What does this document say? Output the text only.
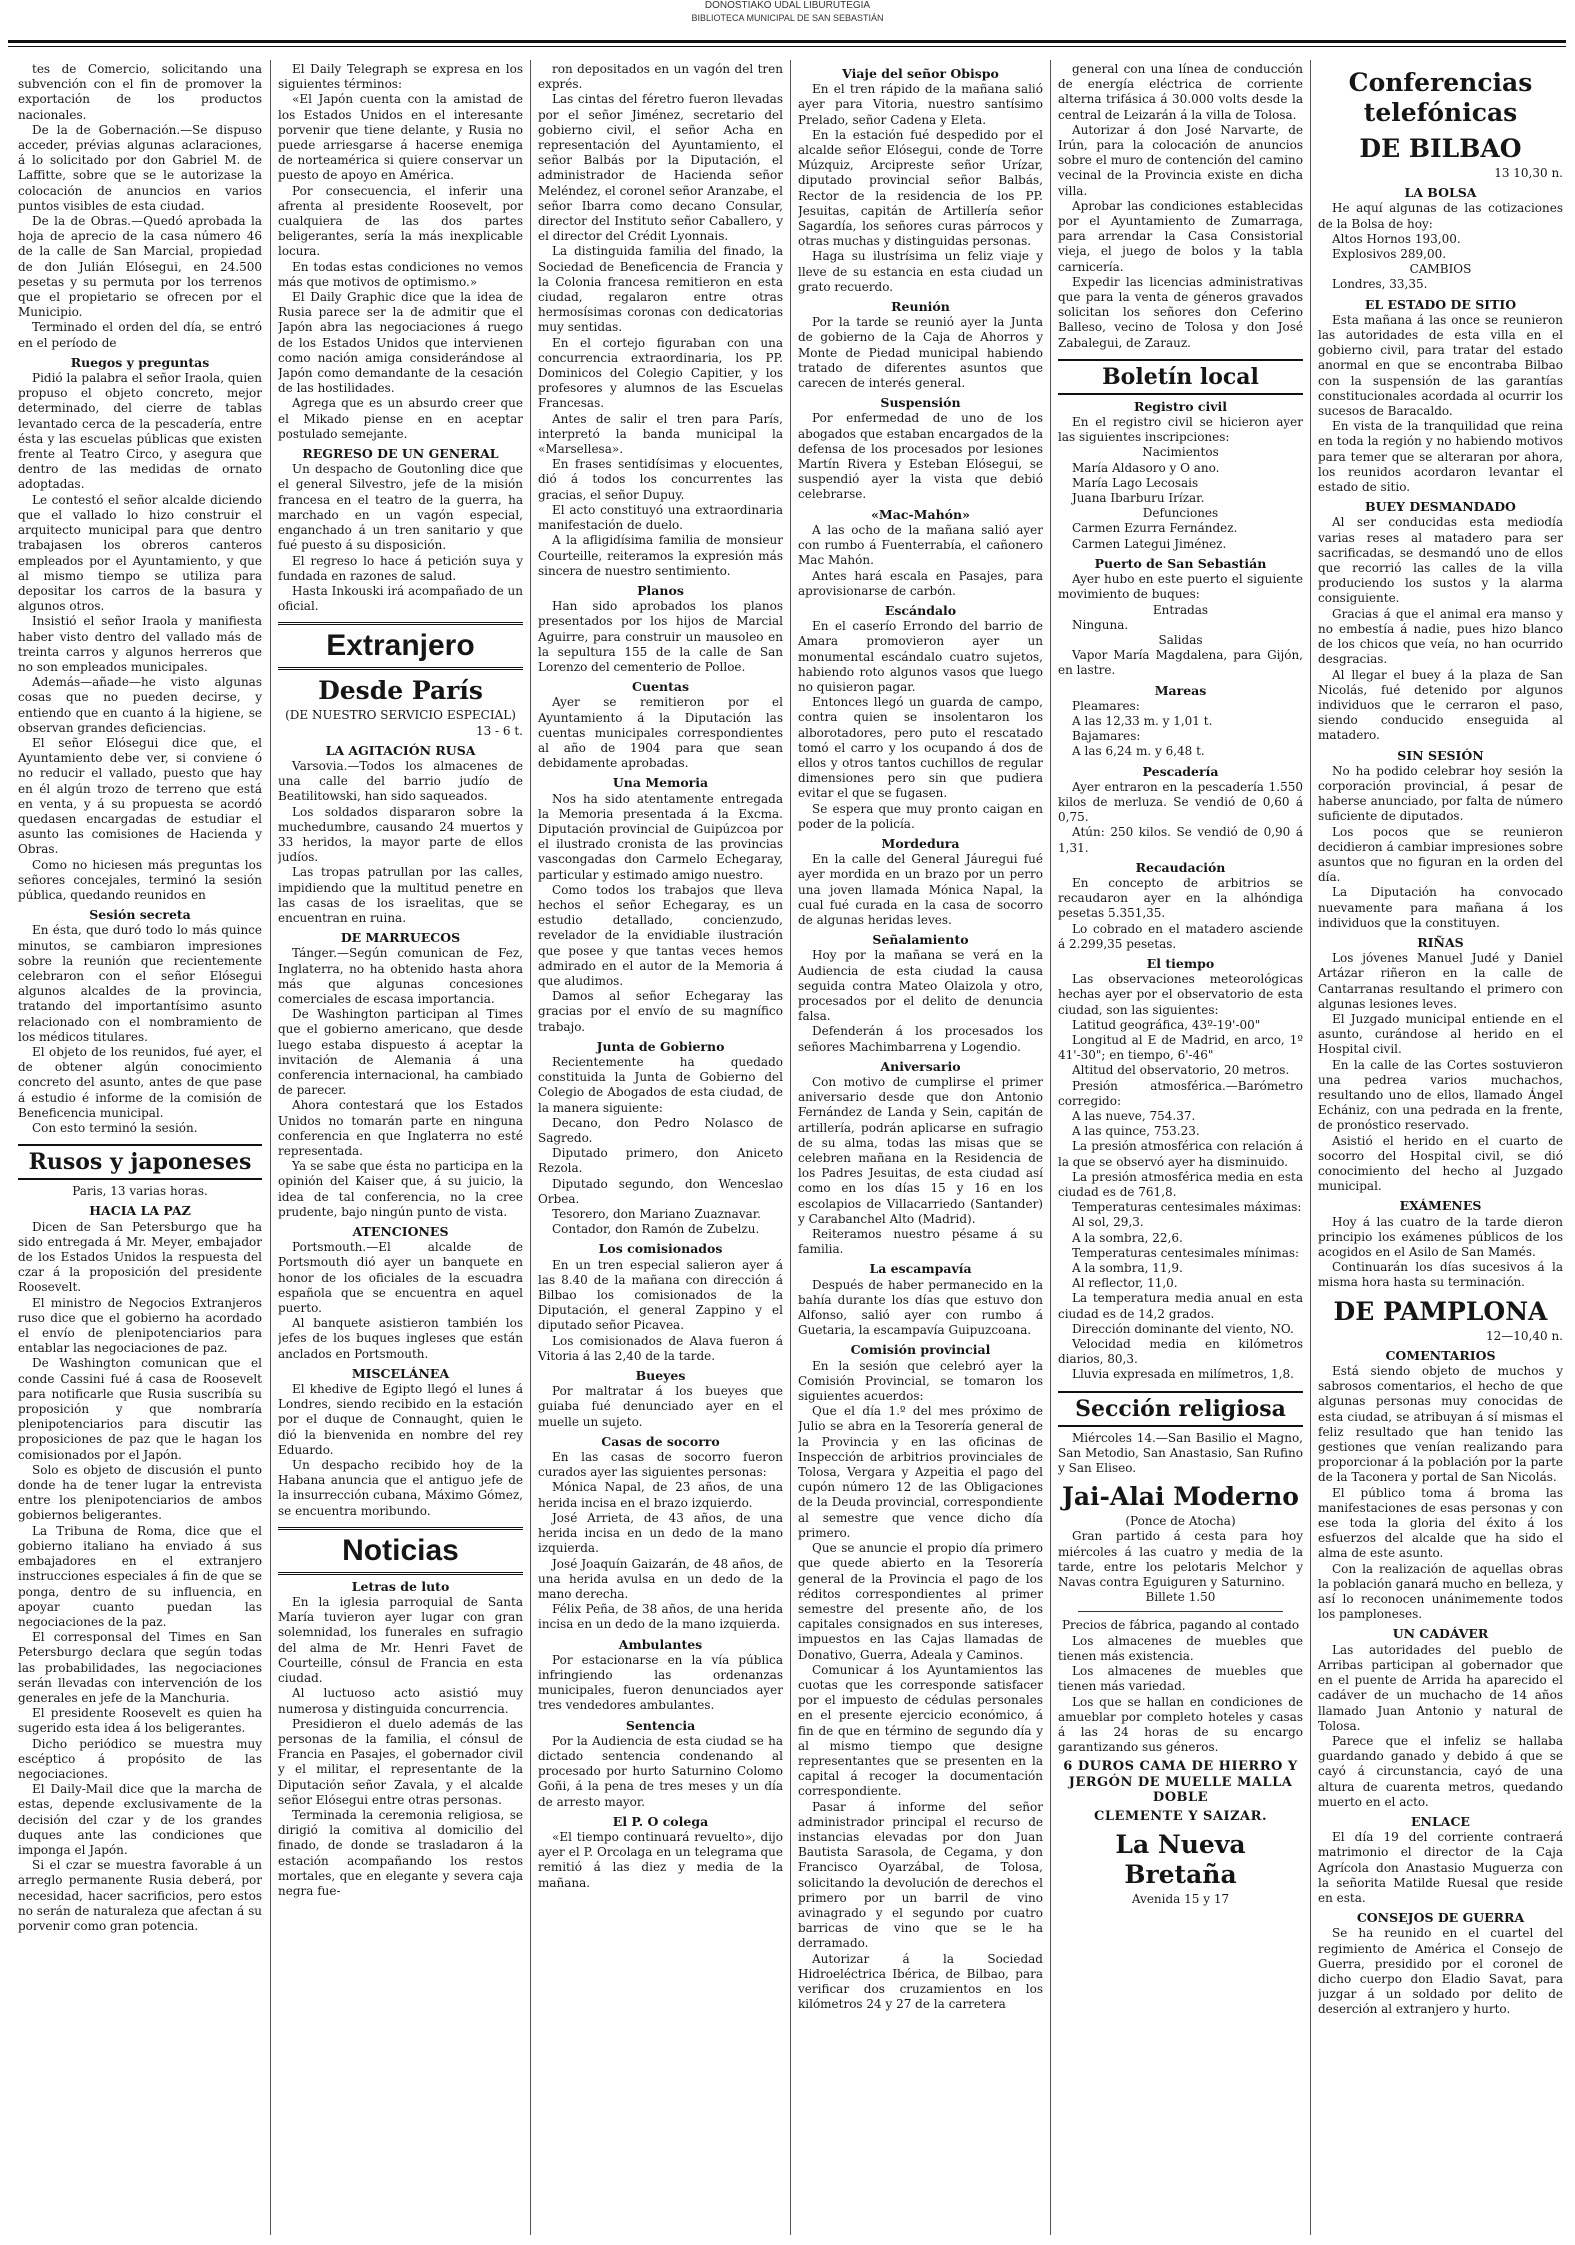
DONOSTIAKO UDAL LIBURUTEGIA
BIBLIOTECA MUNICIPAL DE SAN SEBASTIÁN
tes de Comercio, solicitando una subvención con el fin de promover la exportación de los productos nacionales.
De la de Gobernación.—Se dispuso acceder, prévias algunas aclaraciones, á lo solicitado por don Gabriel M. de Laffitte, sobre que se le autorizase la colocación de anuncios en varios puntos visibles de esta ciudad.
De la de Obras.—Quedó aprobada la hoja de aprecio de la casa número 46 de la calle de San Marcial, propiedad de don Julián Elósegui, en 24.500 pesetas y su permuta por los terrenos que el propietario se ofrecen por el Municipio.
Terminado el orden del día, se entró en el período de
Ruegos y preguntas
Pidió la palabra el señor Iraola, quien propuso el objeto concreto, mejor determinado, del cierre de tablas levantado cerca de la pescadería, entre ésta y las escuelas públicas que existen frente al Teatro Circo, y asegura que dentro de las medidas de ornato adoptadas.
Le contestó el señor alcalde diciendo que el vallado lo hizo construir el arquitecto municipal para que dentro trabajasen los obreros canteros empleados por el Ayuntamiento, y que al mismo tiempo se utiliza para depositar los carros de la basura y algunos otros.
Insistió el señor Iraola y manifiesta haber visto dentro del vallado más de treinta carros y algunos herreros que no son empleados municipales.
Además—añade—he visto algunas cosas que no pueden decirse, y entiendo que en cuanto á la higiene, se observan grandes deficiencias.
El señor Elósegui dice que, el Ayuntamiento debe ver, si conviene ó no reducir el vallado, puesto que hay en él algún trozo de terreno que está en venta, y á su propuesta se acordó quedasen encargadas de estudiar el asunto las comisiones de Hacienda y Obras.
Como no hiciesen más preguntas los señores concejales, terminó la sesión pública, quedando reunidos en
Sesión secreta
En ésta, que duró todo lo más quince minutos, se cambiaron impresiones sobre la reunión que recientemente celebraron con el señor Elósegui algunos alcaldes de la provincia, tratando del importantísimo asunto relacionado con el nombramiento de los médicos titulares.
El objeto de los reunidos, fué ayer, el de obtener algún conocimiento concreto del asunto, antes de que pase á estudio é informe de la comisión de Beneficencia municipal.
Con esto terminó la sesión.
Rusos y japoneses
Paris, 13 varias horas.
HACIA LA PAZ
Dicen de San Petersburgo que ha sido entregada á Mr. Meyer, embajador de los Estados Unidos la respuesta del czar á la proposición del presidente Roosevelt.
El ministro de Negocios Extranjeros ruso dice que el gobierno ha acordado el envío de plenipotenciarios para entablar las negociaciones de paz.
De Washington comunican que el conde Cassini fué á casa de Roosevelt para notificarle que Rusia suscribía su proposición y que nombraría plenipotenciarios para discutir las proposiciones de paz que le hagan los comisionados por el Japón.
Solo es objeto de discusión el punto donde ha de tener lugar la entrevista entre los plenipotenciarios de ambos gobiernos beligerantes.
La Tribuna de Roma, dice que el gobierno italiano ha enviado á sus embajadores en el extranjero instrucciones especiales á fin de que se ponga, dentro de su influencia, en apoyar cuanto puedan las negociaciones de la paz.
El corresponsal del Times en San Petersburgo declara que según todas las probabilidades, las negociaciones serán llevadas con intervención de los generales en jefe de la Manchuria.
El presidente Roosevelt es quien ha sugerido esta idea á los beligerantes.
Dicho periódico se muestra muy escéptico á propósito de las negociaciones.
El Daily-Mail dice que la marcha de estas, depende exclusivamente de la decisión del czar y de los grandes duques ante las condiciones que imponga el Japón.
Si el czar se muestra favorable á un arreglo permanente Rusia deberá, por necesidad, hacer sacrificios, pero estos no serán de naturaleza que afectan á su porvenir como gran potencia.
El Daily Telegraph se expresa en los siguientes términos:
«El Japón cuenta con la amistad de los Estados Unidos en el interesante porvenir que tiene delante, y Rusia no puede arriesgarse á hacerse enemiga de norteamérica si quiere conservar un puesto de apoyo en América.
Por consecuencia, el inferir una afrenta al presidente Roosevelt, por cualquiera de las dos partes beligerantes, sería la más inexplicable locura.
En todas estas condiciones no vemos más que motivos de optimismo.»
El Daily Graphic dice que la idea de Rusia parece ser la de admitir que el Japón abra las negociaciones á ruego de los Estados Unidos que intervienen como nación amiga considerándose al Japón como demandante de la cesación de las hostilidades.
Agrega que es un absurdo creer que el Mikado piense en en aceptar postulado semejante.
REGRESO DE UN GENERAL
Un despacho de Goutonling dice que el general Silvestro, jefe de la misión francesa en el teatro de la guerra, ha marchado en un vagón especial, enganchado á un tren sanitario y que fué puesto á su disposición.
El regreso lo hace á petición suya y fundada en razones de salud.
Hasta Inkouski irá acompañado de un oficial.
Extranjero
Desde París
(DE NUESTRO SERVICIO ESPECIAL)
13 - 6 t.
LA AGITACIÓN RUSA
Varsovia.—Todos los almacenes de una calle del barrio judío de Beatilitowski, han sido saqueados.
Los soldados dispararon sobre la muchedumbre, causando 24 muertos y 33 heridos, la mayor parte de ellos judíos.
Las tropas patrullan por las calles, impidiendo que la multitud penetre en las casas de los israelitas, que se encuentran en ruina.
DE MARRUECOS
Tánger.—Según comunican de Fez, Inglaterra, no ha obtenido hasta ahora más que algunas concesiones comerciales de escasa importancia.
De Washington participan al Times que el gobierno americano, que desde luego estaba dispuesto á aceptar la invitación de Alemania á una conferencia internacional, ha cambiado de parecer.
Ahora contestará que los Estados Unidos no tomarán parte en ninguna conferencia en que Inglaterra no esté representada.
Ya se sabe que ésta no participa en la opinión del Kaiser que, á su juicio, la idea de tal conferencia, no la cree prudente, bajo ningún punto de vista.
ATENCIONES
Portsmouth.—El alcalde de Portsmouth dió ayer un banquete en honor de los oficiales de la escuadra española que se encuentra en aquel puerto.
Al banquete asistieron también los jefes de los buques ingleses que están anclados en Portsmouth.
MISCELÁNEA
El khedive de Egipto llegó el lunes á Londres, siendo recibido en la estación por el duque de Connaught, quien le dió la bienvenida en nombre del rey Eduardo.
Un despacho recibido hoy de la Habana anuncia que el antiguo jefe de la insurrección cubana, Máximo Gómez, se encuentra moribundo.
Noticias
Letras de luto
En la iglesia parroquial de Santa María tuvieron ayer lugar con gran solemnidad, los funerales en sufragio del alma de Mr. Henri Favet de Courteille, cónsul de Francia en esta ciudad.
Al luctuoso acto asistió muy numerosa y distinguida concurrencia.
Presidieron el duelo además de las personas de la familia, el cónsul de Francia en Pasajes, el gobernador civil y el militar, el representante de la Diputación señor Zavala, y el alcalde señor Elósegui entre otras personas.
Terminada la ceremonia religiosa, se dirigió la comitiva al domicilio del finado, de donde se trasladaron á la estación acompañando los restos mortales, que en elegante y severa caja negra fue-
ron depositados en un vagón del tren exprés.
Las cintas del féretro fueron llevadas por el señor Jiménez, secretario del gobierno civil, el señor Acha en representación del Ayuntamiento, el señor Balbás por la Diputación, el administrador de Hacienda señor Meléndez, el coronel señor Aranzabe, el señor Ibarra como decano Consular, director del Instituto señor Caballero, y el director del Crédit Lyonnais.
La distinguida familia del finado, la Sociedad de Beneficencia de Francia y la Colonia francesa remitieron en esta ciudad, regalaron entre otras hermosísimas coronas con dedicatorias muy sentidas.
En el cortejo figuraban con una concurrencia extraordinaria, los PP. Dominicos del Colegio Capitier, y los profesores y alumnos de las Escuelas Francesas.
Antes de salir el tren para París, interpretó la banda municipal la «Marsellesa».
En frases sentidísimas y elocuentes, dió á todos los concurrentes las gracias, el señor Dupuy.
El acto constituyó una extraordinaria manifestación de duelo.
A la afligidísima familia de monsieur Courteille, reiteramos la expresión más sincera de nuestro sentimiento.
Planos
Han sido aprobados los planos presentados por los hijos de Marcial Aguirre, para construir un mausoleo en la sepultura 155 de la calle de San Lorenzo del cementerio de Polloe.
Cuentas
Ayer se remitieron por el Ayuntamiento á la Diputación las cuentas municipales correspondientes al año de 1904 para que sean debidamente aprobadas.
Una Memoria
Nos ha sido atentamente entregada la Memoria presentada á la Excma. Diputación provincial de Guipúzcoa por el ilustrado cronista de las provincias vascongadas don Carmelo Echegaray, particular y estimado amigo nuestro.
Como todos los trabajos que lleva hechos el señor Echegaray, es un estudio detallado, concienzudo, revelador de la envidiable ilustración que posee y que tantas veces hemos admirado en el autor de la Memoria á que aludimos.
Damos al señor Echegaray las gracias por el envío de su magnífico trabajo.
Junta de Gobierno
Recientemente ha quedado constituida la Junta de Gobierno del Colegio de Abogados de esta ciudad, de la manera siguiente:
Decano, don Pedro Nolasco de Sagredo.
Diputado primero, don Aniceto Rezola.
Diputado segundo, don Wenceslao Orbea.
Tesorero, don Mariano Zuaznavar.
Contador, don Ramón de Zubelzu.
Los comisionados
En un tren especial salieron ayer á las 8.40 de la mañana con dirección á Bilbao los comisionados de la Diputación, el general Zappino y el diputado señor Picavea.
Los comisionados de Alava fueron á Vitoria á las 2,40 de la tarde.
Bueyes
Por maltratar á los bueyes que guiaba fué denunciado ayer en el muelle un sujeto.
Casas de socorro
En las casas de socorro fueron curados ayer las siguientes personas:
Mónica Napal, de 23 años, de una herida incisa en el brazo izquierdo.
José Arrieta, de 43 años, de una herida incisa en un dedo de la mano izquierda.
José Joaquín Gaizarán, de 48 años, de una herida avulsa en un dedo de la mano derecha.
Félix Peña, de 38 años, de una herida incisa en un dedo de la mano izquierda.
Ambulantes
Por estacionarse en la vía pública infringiendo las ordenanzas municipales, fueron denunciados ayer tres vendedores ambulantes.
Sentencia
Por la Audiencia de esta ciudad se ha dictado sentencia condenando al procesado por hurto Saturnino Colomo Goñi, á la pena de tres meses y un día de arresto mayor.
El P. O colega
«El tiempo continuará revuelto», dijo ayer el P. Orcolaga en un telegrama que remitió á las diez y media de la mañana.
Viaje del señor Obispo
En el tren rápido de la mañana salió ayer para Vitoria, nuestro santísimo Prelado, señor Cadena y Eleta.
En la estación fué despedido por el alcalde señor Elósegui, conde de Torre Múzquiz, Arcipreste señor Urízar, diputado provincial señor Balbás, Rector de la residencia de los PP. Jesuitas, capitán de Artillería señor Sagardía, los señores curas párrocos y otras muchas y distinguidas personas.
Haga su ilustrísima un feliz viaje y lleve de su estancia en esta ciudad un grato recuerdo.
Reunión
Por la tarde se reunió ayer la Junta de gobierno de la Caja de Ahorros y Monte de Piedad municipal habiendo tratado de diferentes asuntos que carecen de interés general.
Suspensión
Por enfermedad de uno de los abogados que estaban encargados de la defensa de los procesados por lesiones Martín Rivera y Esteban Elósegui, se suspendió ayer la vista que debió celebrarse.
«Mac-Mahón»
A las ocho de la mañana salió ayer con rumbo á Fuenterrabía, el cañonero Mac Mahón.
Antes hará escala en Pasajes, para aprovisionarse de carbón.
Escándalo
En el caserío Errondo del barrio de Amara promovieron ayer un monumental escándalo cuatro sujetos, habiendo roto algunos vasos que luego no quisieron pagar.
Entonces llegó un guarda de campo, contra quien se insolentaron los alborotadores, pero puto el rescatado tomó el carro y los ocupando á dos de ellos y otros tantos cuchillos de regular dimensiones pero sin que pudiera evitar el que se fugasen.
Se espera que muy pronto caigan en poder de la policía.
Mordedura
En la calle del General Jáuregui fué ayer mordida en un brazo por un perro una joven llamada Mónica Napal, la cual fué curada en la casa de socorro de algunas heridas leves.
Señalamiento
Hoy por la mañana se verá en la Audiencia de esta ciudad la causa seguida contra Mateo Olaizola y otro, procesados por el delito de denuncia falsa.
Defenderán á los procesados los señores Machimbarrena y Logendio.
Aniversario
Con motivo de cumplirse el primer aniversario desde que don Antonio Fernández de Landa y Sein, capitán de artillería, podrán aplicarse en sufragio de su alma, todas las misas que se celebren mañana en la Residencia de los Padres Jesuitas, de esta ciudad así como en los días 15 y 16 en los escolapios de Villacarriedo (Santander) y Carabanchel Alto (Madrid).
Reiteramos nuestro pésame á su familia.
La escampavía
Después de haber permanecido en la bahía durante los días que estuvo don Alfonso, salió ayer con rumbo á Guetaria, la escampavía Guipuzcoana.
Comisión provincial
En la sesión que celebró ayer la Comisión Provincial, se tomaron los siguientes acuerdos:
Que el día 1.º del mes próximo de Julio se abra en la Tesorería general de la Provincia y en las oficinas de Inspección de arbitrios provinciales de Tolosa, Vergara y Azpeitia el pago del cupón número 12 de las Obligaciones de la Deuda provincial, correspondiente al semestre que vence dicho día primero.
Que se anuncie el propio día primero que quede abierto en la Tesorería general de la Provincia el pago de los réditos correspondientes al primer semestre del presente año, de los capitales consignados en sus intereses, impuestos en las Cajas llamadas de Donativo, Guerra, Adeala y Caminos.
Comunicar á los Ayuntamientos las cuotas que les corresponde satisfacer por el impuesto de cédulas personales en el presente ejercicio económico, á fin de que en término de segundo día y al mismo tiempo que designe representantes que se presenten en la capital á recoger la documentación correspondiente.
Pasar á informe del señor administrador principal el recurso de instancias elevadas por don Juan Bautista Sarasola, de Cegama, y don Francisco Oyarzábal, de Tolosa, solicitando la devolución de derechos el primero por un barril de vino avinagrado y el segundo por cuatro barricas de vino que se le ha derramado.
Autorizar á la Sociedad Hidroeléctrica Ibérica, de Bilbao, para verificar dos cruzamientos en los kilómetros 24 y 27 de la carretera
general con una línea de conducción de energía eléctrica de corriente alterna trifásica á 30.000 volts desde la central de Leizarán á la villa de Tolosa.
Autorizar á don José Narvarte, de Irún, para la colocación de anuncios sobre el muro de contención del camino vecinal de la Provincia existe en dicha villa.
Aprobar las condiciones establecidas por el Ayuntamiento de Zumarraga, para arrendar la Casa Consistorial vieja, el juego de bolos y la tabla carnicería.
Expedir las licencias administrativas que para la venta de géneros gravados solicitan los señores don Ceferino Balleso, vecino de Tolosa y don José Zabalegui, de Zarauz.
Boletín local
Registro civil
En el registro civil se hicieron ayer las siguientes inscripciones:
Nacimientos
María Aldasoro y O ano.
María Lago Lecosais
Juana Ibarburu Irízar.
Defunciones
Carmen Ezurra Fernández.
Carmen Lategui Jiménez.
Puerto de San Sebastián
Ayer hubo en este puerto el siguiente movimiento de buques:
Entradas
Ninguna.
Salidas
Vapor María Magdalena, para Gijón, en lastre.
Mareas
Pleamares:
A las 12,33 m. y 1,01 t.
Bajamares:
A las 6,24 m. y 6,48 t.
Pescadería
Ayer entraron en la pescadería 1.550 kilos de merluza. Se vendió de 0,60 á 0,75.
Atún: 250 kilos. Se vendió de 0,90 á 1,31.
Recaudación
En concepto de arbitrios se recaudaron ayer en la alhóndiga pesetas 5.351,35.
Lo cobrado en el matadero asciende á 2.299,35 pesetas.
El tiempo
Las observaciones meteorológicas hechas ayer por el observatorio de esta ciudad, son las siguientes:
Latitud geográfica, 43º-19'-00"
Longitud al E de Madrid, en arco, 1º 41'-30"; en tiempo, 6'-46"
Altitud del observatorio, 20 metros.
Presión atmosférica.—Barómetro corregido:
A las nueve, 754.37.
A las quince, 753.23.
La presión atmosférica con relación á la que se observó ayer ha disminuido.
La presión atmosférica media en esta ciudad es de 761,8.
Temperaturas centesimales máximas:
Al sol, 29,3.
A la sombra, 22,6.
Temperaturas centesimales mínimas:
A la sombra, 11,9.
Al reflector, 11,0.
La temperatura media anual en esta ciudad es de 14,2 grados.
Dirección dominante del viento, NO.
Velocidad media en kilómetros diarios, 80,3.
Lluvia expresada en milímetros, 1,8.
Sección religiosa
Miércoles 14.—San Basilio el Magno, San Metodio, San Anastasio, San Rufino y San Eliseo.
Jai-Alai Moderno
(Ponce de Atocha)
Gran partido á cesta para hoy miércoles á las cuatro y media de la tarde, entre los pelotaris Melchor y Navas contra Eguiguren y Saturnino.
Billete 1.50
Precios de fábrica, pagando al contado
Los almacenes de muebles que tienen más existencia.
Los almacenes de muebles que tienen más variedad.
Los que se hallan en condiciones de amueblar por completo hoteles y casas á las 24 horas de su encargo garantizando sus géneros.
6 DUROS CAMA DE HIERRO Y JERGÓN DE MUELLE MALLA DOBLE
CLEMENTE Y SAIZAR.
La Nueva Bretaña
Avenida 15 y 17
Conferencias telefónicas
DE BILBAO
13 10,30 n.
LA BOLSA
He aquí algunas de las cotizaciones de la Bolsa de hoy:
Altos Hornos 193,00.
Explosivos 289,00.
CAMBIOS
Londres, 33,35.
EL ESTADO DE SITIO
Esta mañana á las once se reunieron las autoridades de esta villa en el gobierno civil, para tratar del estado anormal en que se encontraba Bilbao con la suspensión de las garantías constitucionales acordada al ocurrir los sucesos de Baracaldo.
En vista de la tranquilidad que reina en toda la región y no habiendo motivos para temer que se alteraran por ahora, los reunidos acordaron levantar el estado de sitio.
BUEY DESMANDADO
Al ser conducidas esta mediodía varias reses al matadero para ser sacrificadas, se desmandó uno de ellos que recorrió las calles de la villa produciendo los sustos y la alarma consiguiente.
Gracias á que el animal era manso y no embestía á nadie, pues hizo blanco de los chicos que veía, no han ocurrido desgracias.
Al llegar el buey á la plaza de San Nicolás, fué detenido por algunos individuos que le cerraron el paso, siendo conducido enseguida al matadero.
SIN SESIÓN
No ha podido celebrar hoy sesión la corporación provincial, á pesar de haberse anunciado, por falta de número suficiente de diputados.
Los pocos que se reunieron decidieron á cambiar impresiones sobre asuntos que no figuran en la orden del día.
La Diputación ha convocado nuevamente para mañana á los individuos que la constituyen.
RIÑAS
Los jóvenes Manuel Judé y Daniel Artázar riñeron en la calle de Cantarranas resultando el primero con algunas lesiones leves.
El Juzgado municipal entiende en el asunto, curándose al herido en el Hospital civil.
En la calle de las Cortes sostuvieron una pedrea varios muchachos, resultando uno de ellos, llamado Ángel Echániz, con una pedrada en la frente, de pronóstico reservado.
Asistió el herido en el cuarto de socorro del Hospital civil, se dió conocimiento del hecho al Juzgado municipal.
EXÁMENES
Hoy á las cuatro de la tarde dieron principio los exámenes públicos de los acogidos en el Asilo de San Mamés.
Continuarán los días sucesivos á la misma hora hasta su terminación.
DE PAMPLONA
12—10,40 n.
COMENTARIOS
Está siendo objeto de muchos y sabrosos comentarios, el hecho de que algunas personas muy conocidas de esta ciudad, se atribuyan á sí mismas el feliz resultado que han tenido las gestiones que venían realizando para proporcionar á la población por la parte de la Taconera y portal de San Nicolás.
El público toma á broma las manifestaciones de esas personas y con ese toda la gloria del éxito á los esfuerzos del alcalde que ha sido el alma de este asunto.
Con la realización de aquellas obras la población ganará mucho en belleza, y así lo reconocen unánimemente todos los pamploneses.
UN CADÁVER
Las autoridades del pueblo de Arribas participan al gobernador que en el puente de Arrida ha aparecido el cadáver de un muchacho de 14 años llamado Juan Antonio y natural de Tolosa.
Parece que el infeliz se hallaba guardando ganado y debido á que se cayó á circunstancia, cayó de una altura de cuarenta metros, quedando muerto en el acto.
ENLACE
El día 19 del corriente contraerá matrimonio el director de la Caja Agrícola don Anastasio Muguerza con la señorita Matilde Ruesal que reside en esta.
CONSEJOS DE GUERRA
Se ha reunido en el cuartel del regimiento de América el Consejo de Guerra, presidido por el coronel de dicho cuerpo don Eladio Savat, para juzgar á un soldado por delito de deserción al extranjero y hurto.
